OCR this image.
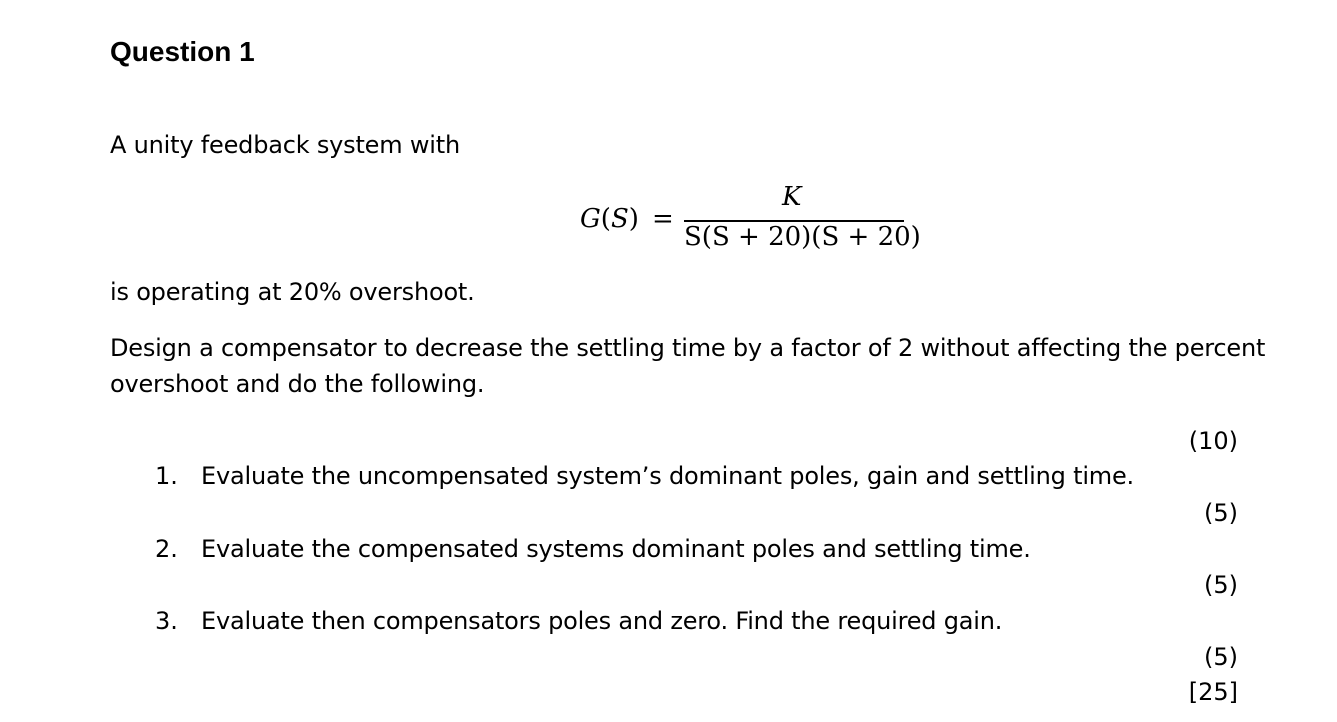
Question 1
A unity feedback system with
G(S) =
K
S(S + 20)(S + 20)
is operating at 20% overshoot.
Design a compensator to decrease the settling time by a factor of 2 without affecting the percent
overshoot and do the following.
1. Evaluate the uncompensated system’s dominant poles, gain and settling time.
2. Evaluate the compensated systems dominant poles and settling time.
3. Evaluate then compensators poles and zero. Find the required gain.
(10)
(5)
(5)
(5)
[25]
